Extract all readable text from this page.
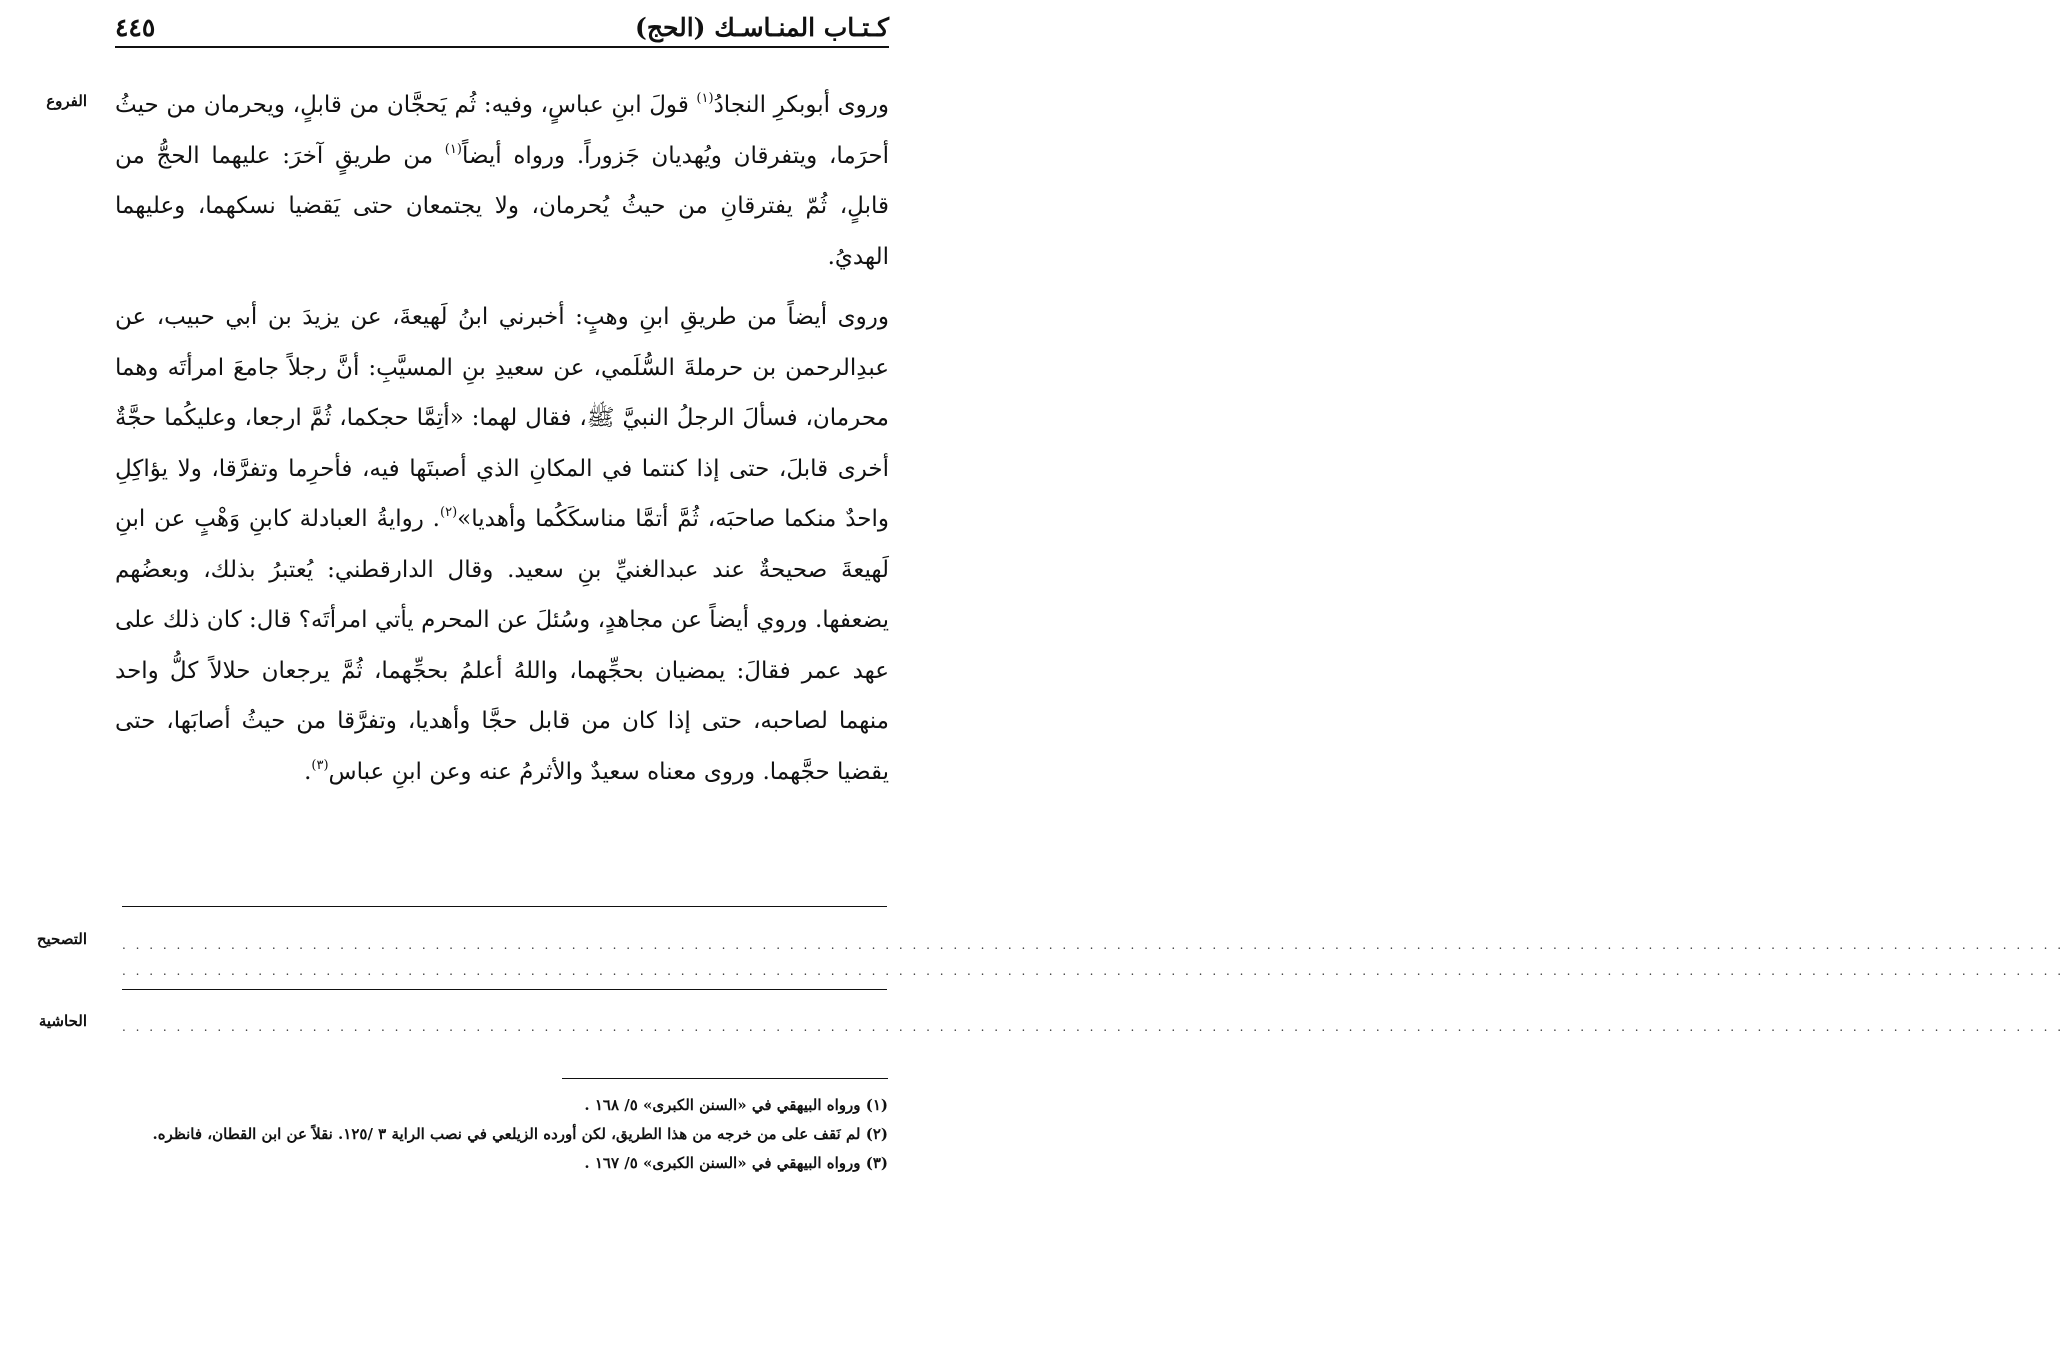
كـتـاب المنـاسـك (الحج)
٤٤٥
الفروع	وروى أبوبكرِ النجادُ$^{(١)}$ قولَ ابنِ عباسٍ، وفيه: ثُم يَحجَّان من قابلٍ، ويحرمان من حيثُ أحرَما، ويتفرقان ويُهديان جَزوراً. ورواه أيضاً$^{(١)}$ من طريقٍ آخرَ: عليهما الحجُّ من قابلٍ، ثُمّ يفترقانِ من حيثُ يُحرمان، ولا يجتمعان حتى يَقضيا نسكهما، وعليهما الهديُ.

وروى أيضاً من طريقِ ابنِ وهبٍ: أخبرني ابنُ لَهيعةَ، عن يزيدَ بن أبي حبيب، عن عبدِالرحمن بن حرملةَ السُّلَمي، عن سعيدِ بنِ المسيَّبِ: أنَّ رجلاً جامعَ امرأتَه وهما محرمان، فسألَ الرجلُ النبيَّ ﷺ، فقال لهما: «أتِمَّا حجكما، ثُمَّ ارجعا، وعليكُما حجَّةٌ أخرى قابلَ، حتى إذا كنتما في المكانِ الذي أصبتَها فيه، فأحرِما وتفرَّقا، ولا يؤاكِلِ واحدٌ منكما صاحبَه، ثُمَّ أتمَّا مناسكَكُما وأهديا»$^{(٢)}$. روايةُ العبادلة كابنِ وَهْبٍ عن ابنِ لَهيعةَ صحيحةٌ عند عبدالغنيِّ بنِ سعيد. وقال الدارقطني: يُعتبرُ بذلك، وبعضُهم يضعفها. وروي أيضاً عن مجاهدٍ، وسُئلَ عن المحرم يأتي امرأتَه؟ قال: كان ذلك على عهد عمر فقالَ: يمضيان بحجِّهما، واللهُ أعلمُ بحجِّهما، ثُمَّ يرجعان حلالاً كلُّ واحد منهما لصاحبه، حتى إذا كان من قابل حجَّا وأهديا، وتفرَّقا من حيثُ أصابَها، حتى يقضيا حجَّهما. وروى معناه سعيدٌ والأثرمُ عنه وعن ابنِ عباس$^{(٣)}$.

التصحيح	. . . . . . . . . . . . . . . . . . . . . . . . . . . . . . . . . . . . . . . . . . . . . . . . . . . . . . . . . . . . . . . . . . . . . . . . . . . . . . . . . . . . . . . . . . . . . . . . . . . . . . . . . . . . . . . . . . . . . . . . . . . . . . . . . . . . . . . . . . . . . . .
. . . . . . . . . . . . . . . . . . . . . . . . . . . . . . . . . . . . . . . . . . . . . . . . . . . . . . . . . . . . . . . . . . . . . . . . . . . . . . . . . . . . . . . . . . . . . . . . . . . . . . . . . . . . . . . . . . . . . . . . . . . . . . . . . . . . . . . . . . . . . . .
الحاشية	. . . . . . . . . . . . . . . . . . . . . . . . . . . . . . . . . . . . . . . . . . . . . . . . . . . . . . . . . . . . . . . . . . . . . . . . . . . . . . . . . . . . . . . . . . . . . . . . . . . . . . . . . . . . . . . . . . . . . . . . . . . . . . . . . . . . . . . . . . . . . . .
(١) ورواه البيهقي في «السنن الكبرى» ٥/ ١٦٨ .
(٢) لم نَقف على من خرجه من هذا الطريق، لكن أورده الزيلعي في نصب الراية ٣ /١٢٥. نقلاً عن ابن القطان، فانظره.
(٣) ورواه البيهقي في «السنن الكبرى» ٥/ ١٦٧ .
